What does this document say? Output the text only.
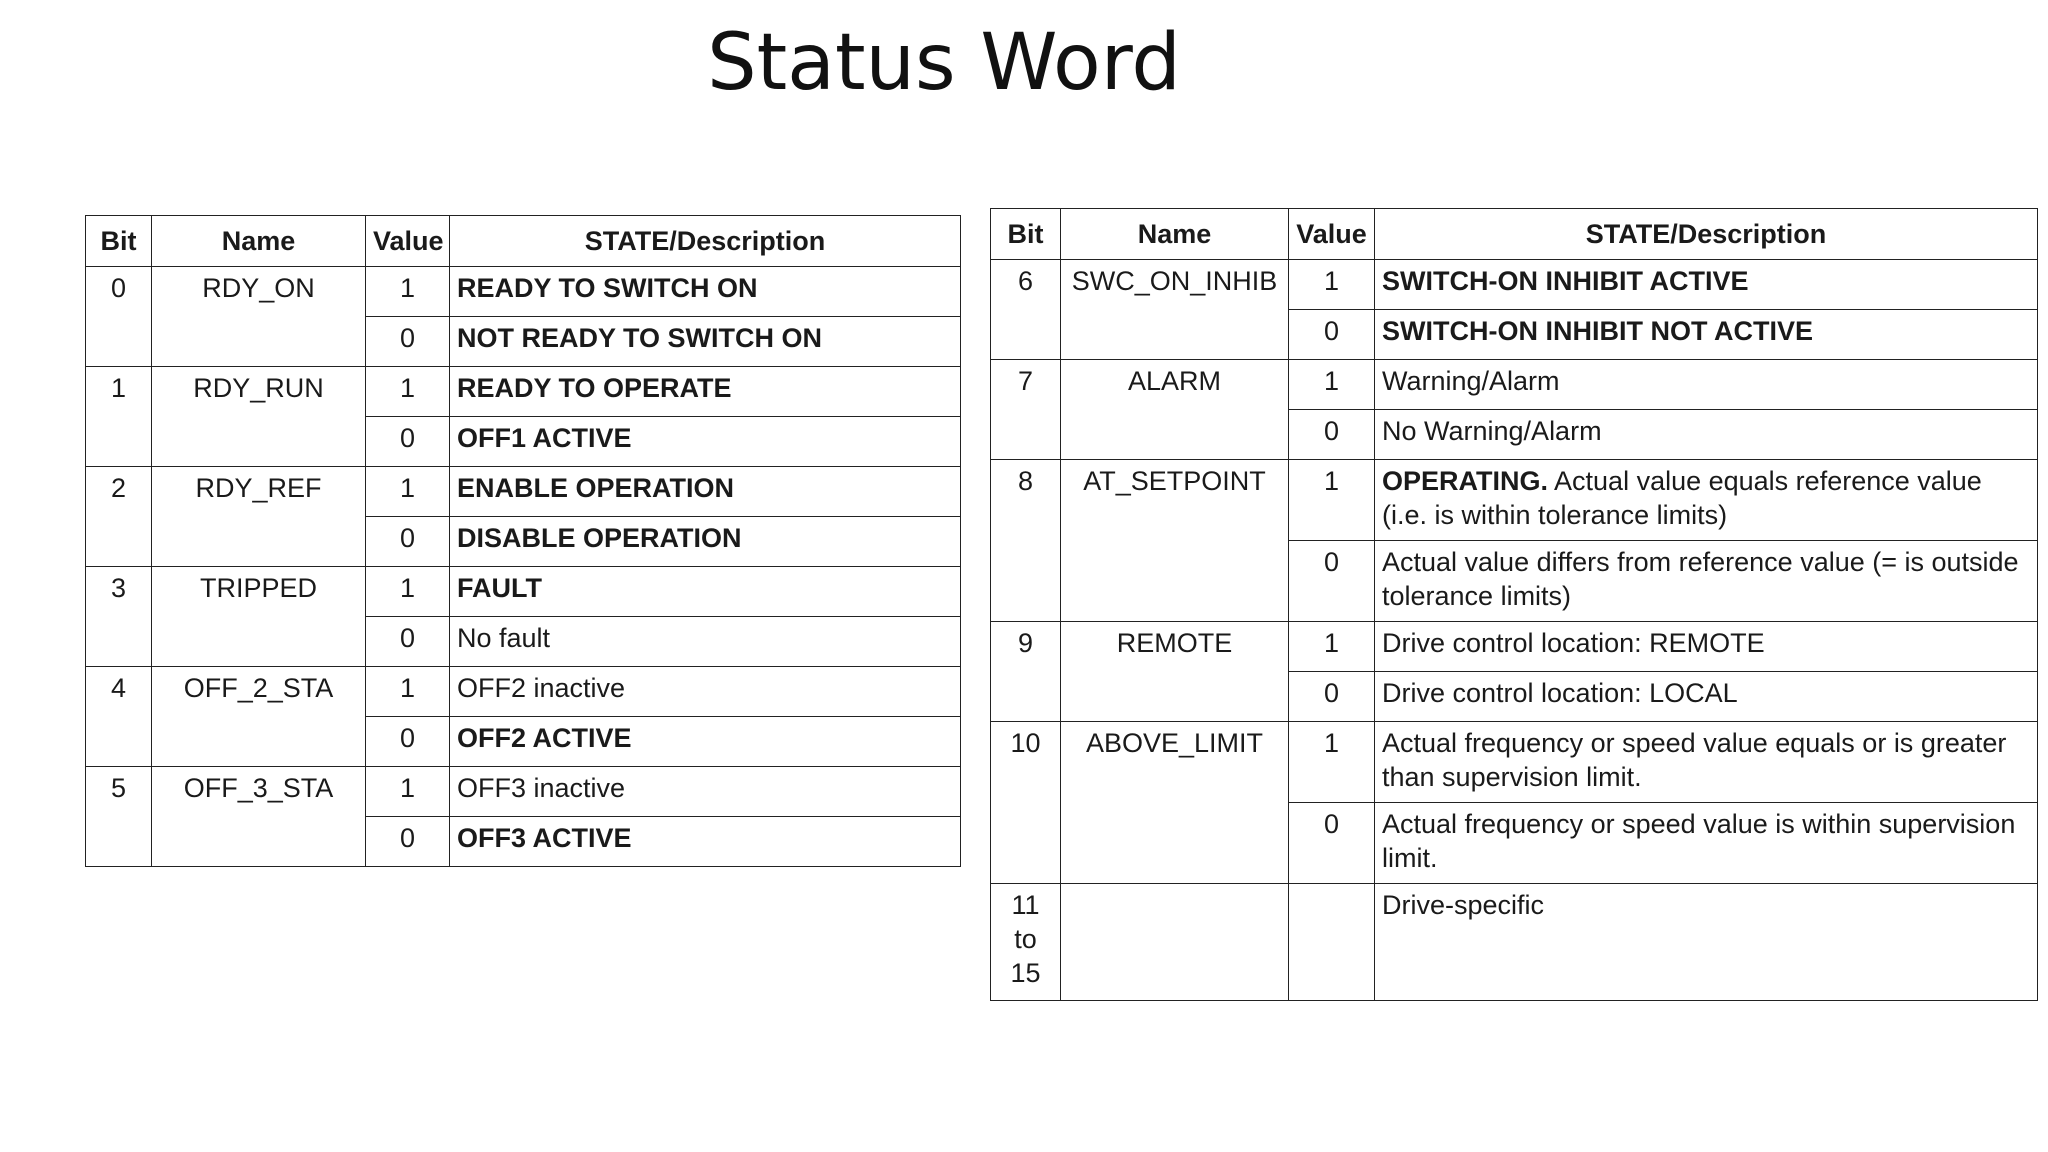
Status Word
Bit	Name	Value	STATE/Description
0	RDY_ON	1	READY TO SWITCH ON
		0	NOT READY TO SWITCH ON
1	RDY_RUN	1	READY TO OPERATE
		0	OFF1 ACTIVE
2	RDY_REF	1	ENABLE OPERATION
		0	DISABLE OPERATION
3	TRIPPED	1	FAULT
		0	No fault
4	OFF_2_STA	1	OFF2 inactive
		0	OFF2 ACTIVE
5	OFF_3_STA	1	OFF3 inactive
		0	OFF3 ACTIVE
Bit	Name	Value	STATE/Description
6	SWC_ON_INHIB	1	SWITCH-ON INHIBIT ACTIVE
		0	SWITCH-ON INHIBIT NOT ACTIVE
7	ALARM	1	Warning/Alarm
		0	No Warning/Alarm
8	AT_SETPOINT	1	OPERATING. Actual value equals reference value (i.e. is within tolerance limits)
		0	Actual value differs from reference value (= is outside tolerance limits)
9	REMOTE	1	Drive control location: REMOTE
		0	Drive control location: LOCAL
10	ABOVE_LIMIT	1	Actual frequency or speed value equals or is greater than supervision limit.
		0	Actual frequency or speed value is within supervision limit.
11 to 15			Drive-specific
